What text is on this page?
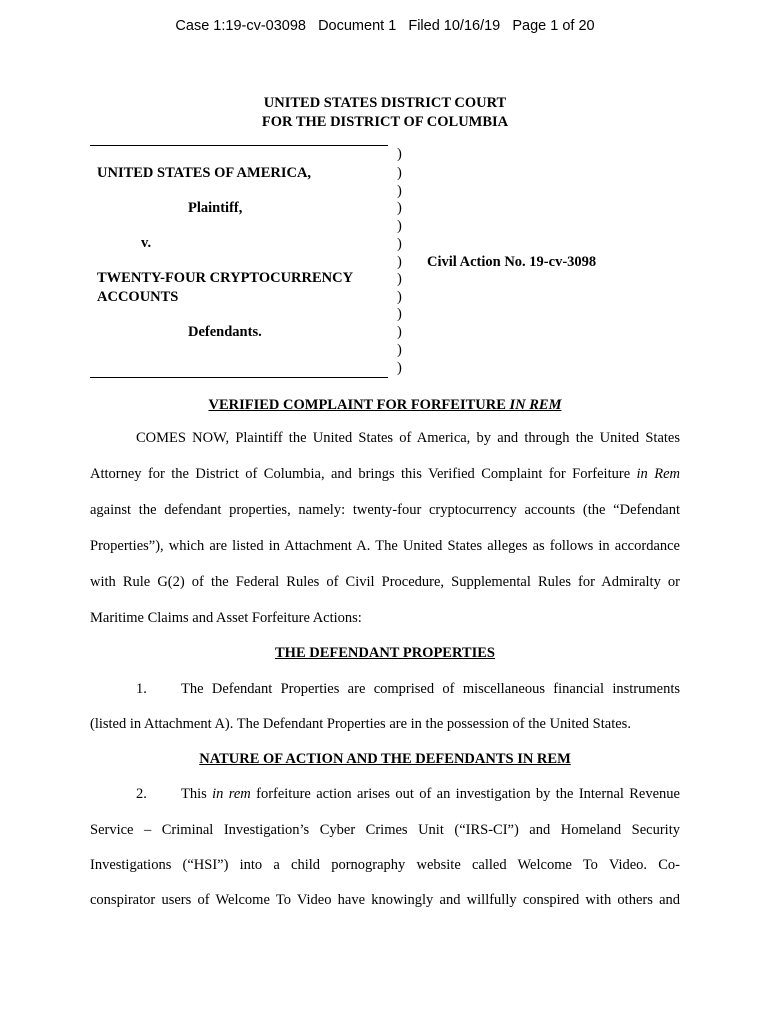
Case 1:19-cv-03098   Document 1   Filed 10/16/19   Page 1 of 20
UNITED STATES DISTRICT COURT
FOR THE DISTRICT OF COLUMBIA
UNITED STATES OF AMERICA,
Plaintiff,
v.
TWENTY-FOUR CRYPTOCURRENCY
ACCOUNTS
Defendants.
)
)
)
)
)
)
)
)
)
)
)
)
)
Civil Action No. 19-cv-3098
VERIFIED COMPLAINT FOR FORFEITURE IN REM
COMES NOW, Plaintiff the United States of America, by and through the United States
Attorney for the District of Columbia, and brings this Verified Complaint for Forfeiture in Rem
against the defendant properties, namely: twenty-four cryptocurrency accounts (the “Defendant
Properties”), which are listed in Attachment A. The United States alleges as follows in accordance
with Rule G(2) of the Federal Rules of Civil Procedure, Supplemental Rules for Admiralty or
Maritime Claims and Asset Forfeiture Actions:
THE DEFENDANT PROPERTIES
1. The Defendant Properties are comprised of miscellaneous financial instruments
(listed in Attachment A). The Defendant Properties are in the possession of the United States.
NATURE OF ACTION AND THE DEFENDANTS IN REM
2. This in rem forfeiture action arises out of an investigation by the Internal Revenue
Service – Criminal Investigation’s Cyber Crimes Unit (“IRS-CI”) and Homeland Security
Investigations (“HSI”) into a child pornography website called Welcome To Video. Co-
conspirator users of Welcome To Video have knowingly and willfully conspired with others and
